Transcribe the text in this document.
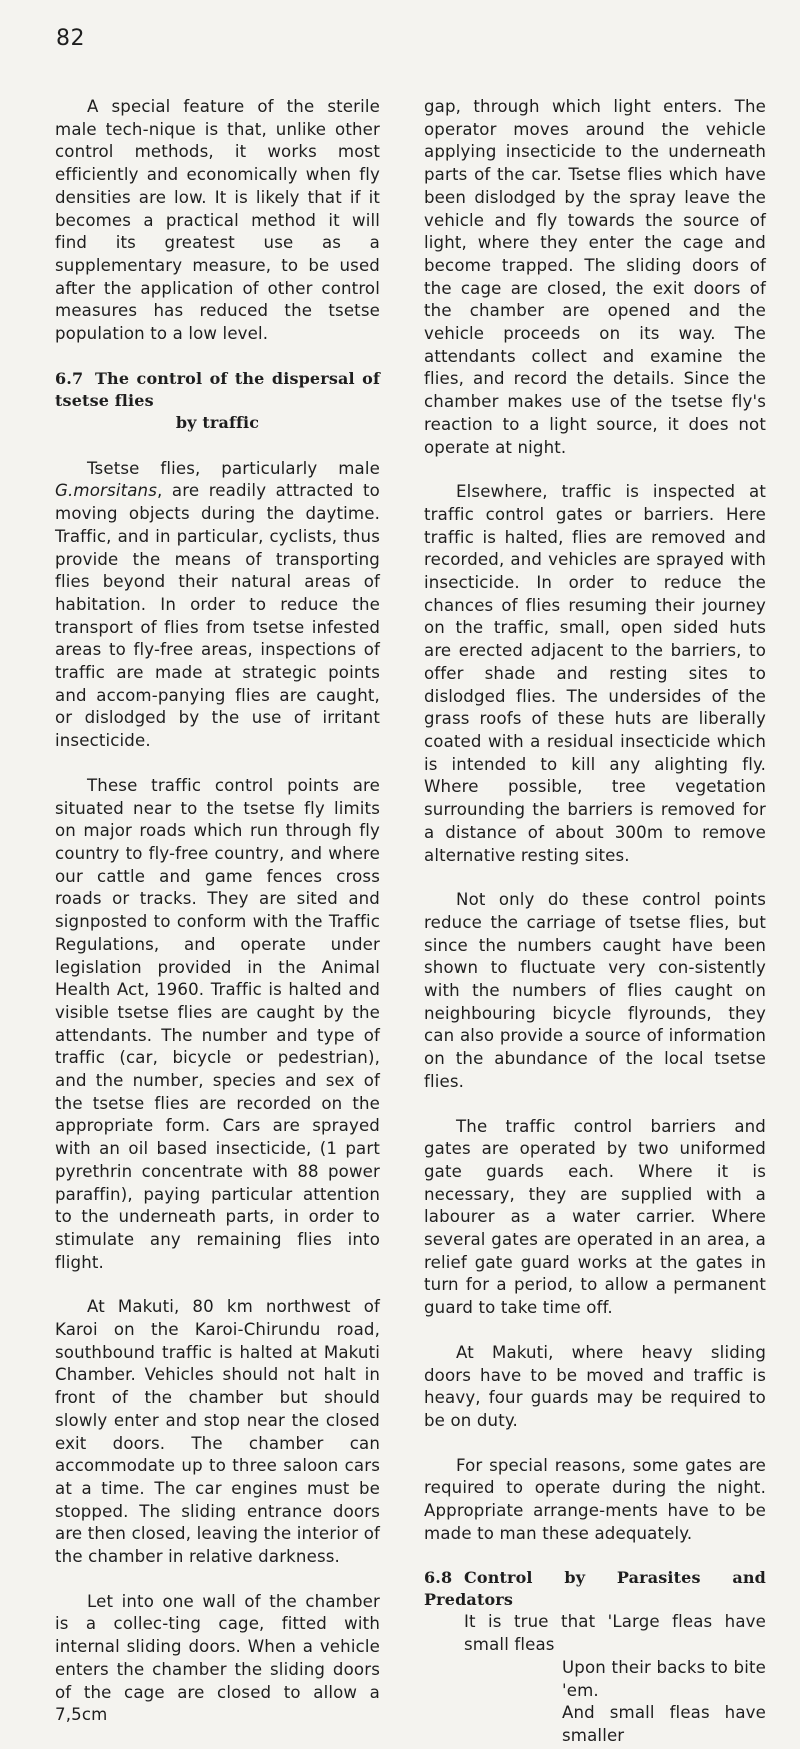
82

A special feature of the sterile male tech-nique is that, unlike other control methods, it works most efficiently and economically when fly densities are low. It is likely that if it becomes a practical method it will find its greatest use as a supplementary measure, to be used after the application of other control measures has reduced the tsetse population to a low level.

6.7 The control of the dispersal of tsetse flies
by traffic

Tsetse flies, particularly male G.morsitans, are readily attracted to moving objects during the daytime. Traffic, and in particular, cyclists, thus provide the means of transporting flies beyond their natural areas of habitation. In order to reduce the transport of flies from tsetse infested areas to fly-free areas, inspections of traffic are made at strategic points and accom-panying flies are caught, or dislodged by the use of irritant insecticide.

These traffic control points are situated near to the tsetse fly limits on major roads which run through fly country to fly-free country, and where our cattle and game fences cross roads or tracks. They are sited and signposted to conform with the Traffic Regulations, and operate under legislation provided in the Animal Health Act, 1960. Traffic is halted and visible tsetse flies are caught by the attendants. The number and type of traffic (car, bicycle or pedestrian), and the number, species and sex of the tsetse flies are recorded on the appropriate form. Cars are sprayed with an oil based insecticide, (1 part pyrethrin concentrate with 88 power paraffin), paying particular attention to the underneath parts, in order to stimulate any remaining flies into flight.

At Makuti, 80 km northwest of Karoi on the Karoi-Chirundu road, southbound traffic is halted at Makuti Chamber. Vehicles should not halt in front of the chamber but should slowly enter and stop near the closed exit doors. The chamber can accommodate up to three saloon cars at a time. The car engines must be stopped. The sliding entrance doors are then closed, leaving the interior of the chamber in relative darkness.

Let into one wall of the chamber is a collec-ting cage, fitted with internal sliding doors. When a vehicle enters the chamber the sliding doors of the cage are closed to allow a 7,5cm

gap, through which light enters. The operator moves around the vehicle applying insecticide to the underneath parts of the car. Tsetse flies which have been dislodged by the spray leave the vehicle and fly towards the source of light, where they enter the cage and become trapped. The sliding doors of the cage are closed, the exit doors of the chamber are opened and the vehicle proceeds on its way. The attendants collect and examine the flies, and record the details. Since the chamber makes use of the tsetse fly's reaction to a light source, it does not operate at night.

Elsewhere, traffic is inspected at traffic control gates or barriers. Here traffic is halted, flies are removed and recorded, and vehicles are sprayed with insecticide. In order to reduce the chances of flies resuming their journey on the traffic, small, open sided huts are erected adjacent to the barriers, to offer shade and resting sites to dislodged flies. The undersides of the grass roofs of these huts are liberally coated with a residual insecticide which is intended to kill any alighting fly. Where possible, tree vegetation surrounding the barriers is removed for a distance of about 300m to remove alternative resting sites.

Not only do these control points reduce the carriage of tsetse flies, but since the numbers caught have been shown to fluctuate very con-sistently with the numbers of flies caught on neighbouring bicycle flyrounds, they can also provide a source of information on the abundance of the local tsetse flies.

The traffic control barriers and gates are operated by two uniformed gate guards each. Where it is necessary, they are supplied with a labourer as a water carrier. Where several gates are operated in an area, a relief gate guard works at the gates in turn for a period, to allow a permanent guard to take time off.

At Makuti, where heavy sliding doors have to be moved and traffic is heavy, four guards may be required to be on duty.

For special reasons, some gates are required to operate during the night. Appropriate arrange-ments have to be made to man these adequately.

6.8 Control by Parasites and Predators
It is true that 'Large fleas have small fleas
Upon their backs to bite 'em.
And small fleas have smaller
